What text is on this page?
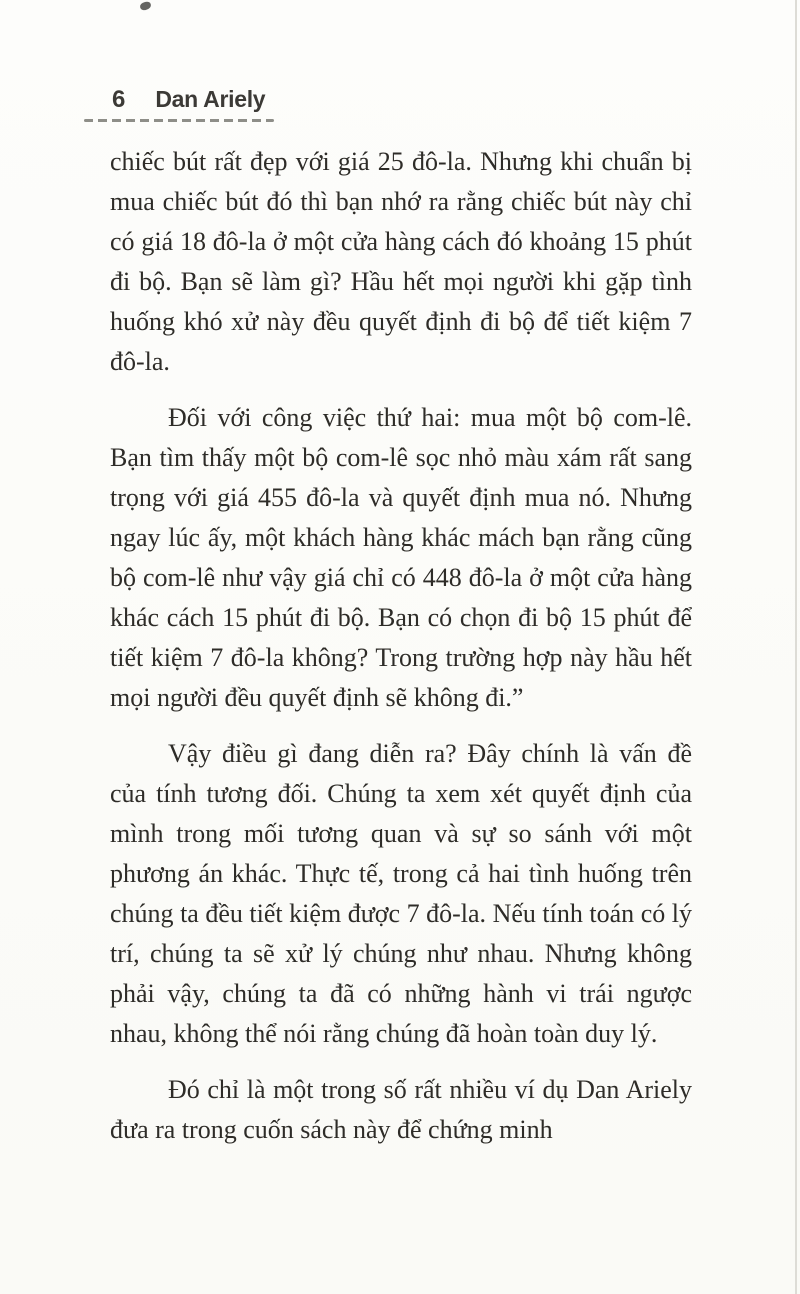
6 Dan Ariely

chiếc bút rất đẹp với giá 25 đô-la. Nhưng khi chuẩn bị mua chiếc bút đó thì bạn nhớ ra rằng chiếc bút này chỉ có giá 18 đô-la ở một cửa hàng cách đó khoảng 15 phút đi bộ. Bạn sẽ làm gì? Hầu hết mọi người khi gặp tình huống khó xử này đều quyết định đi bộ để tiết kiệm 7 đô-la.

Đối với công việc thứ hai: mua một bộ com-lê. Bạn tìm thấy một bộ com-lê sọc nhỏ màu xám rất sang trọng với giá 455 đô-la và quyết định mua nó. Nhưng ngay lúc ấy, một khách hàng khác mách bạn rằng cũng bộ com-lê như vậy giá chỉ có 448 đô-la ở một cửa hàng khác cách 15 phút đi bộ. Bạn có chọn đi bộ 15 phút để tiết kiệm 7 đô-la không? Trong trường hợp này hầu hết mọi người đều quyết định sẽ không đi.”

Vậy điều gì đang diễn ra? Đây chính là vấn đề của tính tương đối. Chúng ta xem xét quyết định của mình trong mối tương quan và sự so sánh với một phương án khác. Thực tế, trong cả hai tình huống trên chúng ta đều tiết kiệm được 7 đô-la. Nếu tính toán có lý trí, chúng ta sẽ xử lý chúng như nhau. Nhưng không phải vậy, chúng ta đã có những hành vi trái ngược nhau, không thể nói rằng chúng đã hoàn toàn duy lý.

Đó chỉ là một trong số rất nhiều ví dụ Dan Ariely đưa ra trong cuốn sách này để chứng minh
